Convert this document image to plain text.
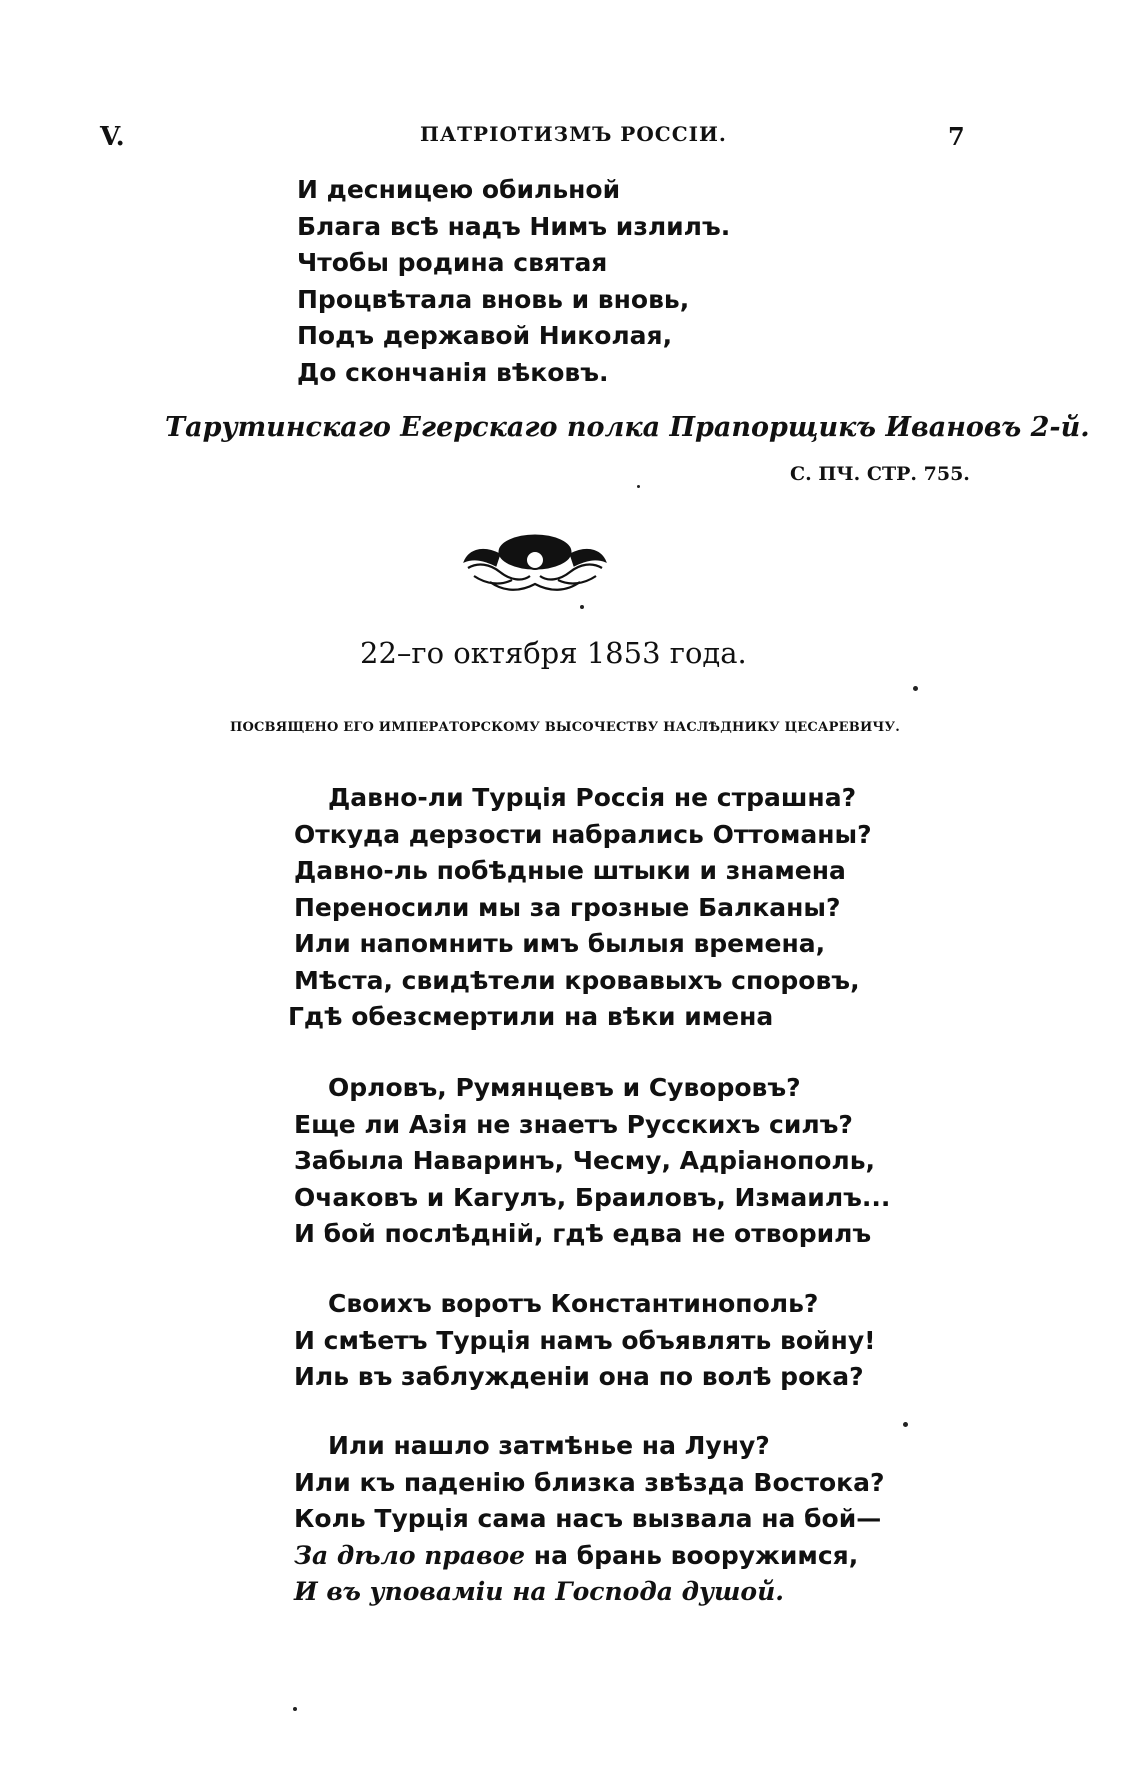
V.	ПАТРІОТИЗМЪ РОССІИ.	7
И десницею обильной
Блага всѣ надъ Нимъ излилъ.
Чтобы родина святая
Процвѣтала вновь и вновь,
Подъ державой Николая,
До скончанія вѣковъ.
Тарутинскаго Егерскаго полка Прапорщикъ Ивановъ 2-й.
С. ПЧ. СТР. 755.
22–го октября 1853 года.
ПОСВЯЩЕНО ЕГО ИМПЕРАТОРСКОМУ ВЫСОЧЕСТВУ НАСЛѢДНИКУ ЦЕСАРЕВИЧУ.
Давно-ли Турція Россія не страшна?
Откуда дерзости набрались Оттоманы?
Давно-ль побѣдные штыки и знамена
Переносили мы за грозные Балканы?
Или напомнить имъ былыя времена,
Мѣста, свидѣтели кровавыхъ споровъ,
Гдѣ обезсмертили на вѣки имена
Орловъ, Румянцевъ и Суворовъ?
Еще ли Азія не знаетъ Русскихъ силъ?
Забыла Наваринъ, Чесму, Адріанополь,
Очаковъ и Кагулъ, Браиловъ, Измаилъ...
И бой послѣдній, гдѣ едва не отворилъ
Своихъ воротъ Константинополь?
И смѣетъ Турція намъ объявлять войну!
Иль въ заблужденіи она по волѣ рока?
Или нашло затмѣнье на Луну?
Или къ паденію близка звѣзда Востока?
Коль Турція сама насъ вызвала на бой—
За дѣло правое на брань вооружимся,
И въ уповаміи на Господа душой.
